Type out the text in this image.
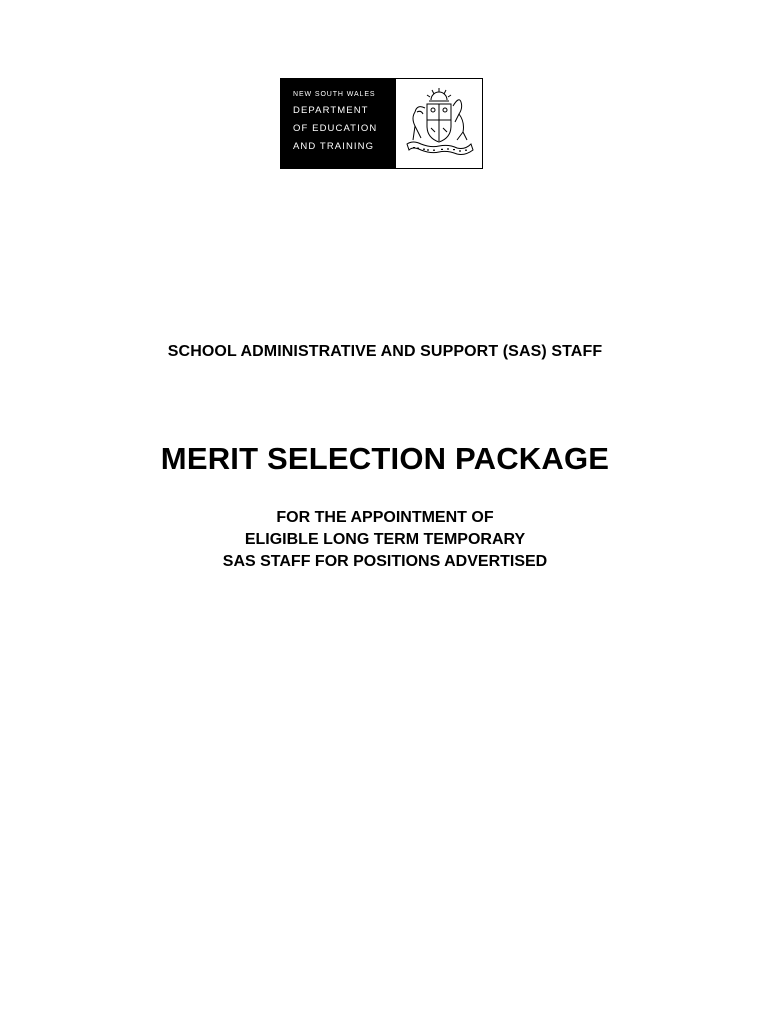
NEW SOUTH WALES
DEPARTMENT
OF EDUCATION
AND TRAINING
SCHOOL ADMINISTRATIVE AND SUPPORT (SAS) STAFF
MERIT SELECTION PACKAGE
FOR THE APPOINTMENT OF
ELIGIBLE LONG TERM TEMPORARY
SAS STAFF FOR POSITIONS ADVERTISED
